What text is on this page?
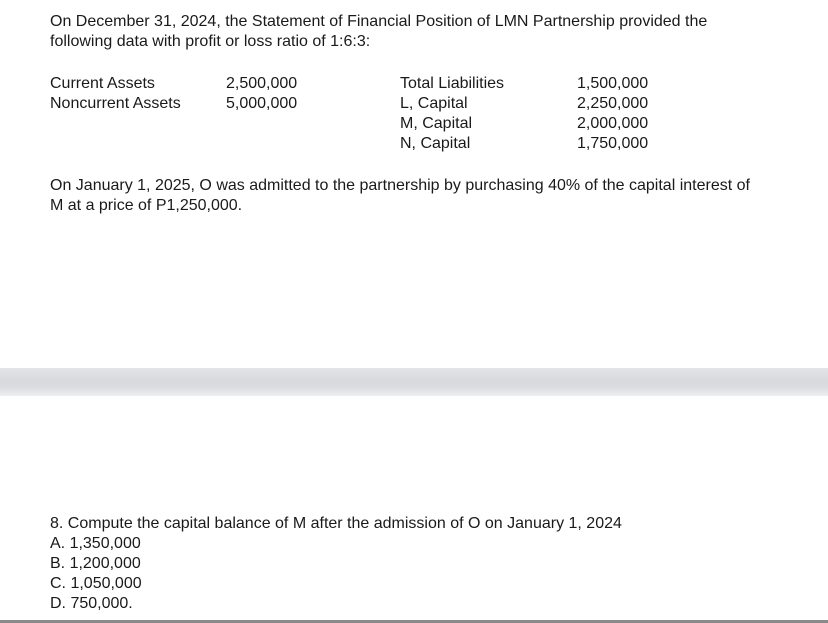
On December 31, 2024, the Statement of Financial Position of LMN Partnership provided the

following data with profit or loss ratio of 1:6:3:

Current Assets	2,500,000
Noncurrent Assets	5,000,000
Total Liabilities	1,500,000
L, Capital	2,250,000
M, Capital	2,000,000
N, Capital	1,750,000

On January 1, 2025, O was admitted to the partnership by purchasing 40% of the capital interest of

M at a price of P1,250,000.

8. Compute the capital balance of M after the admission of O on January 1, 2024

A. 1,350,000

B. 1,200,000

C. 1,050,000

D. 750,000.
